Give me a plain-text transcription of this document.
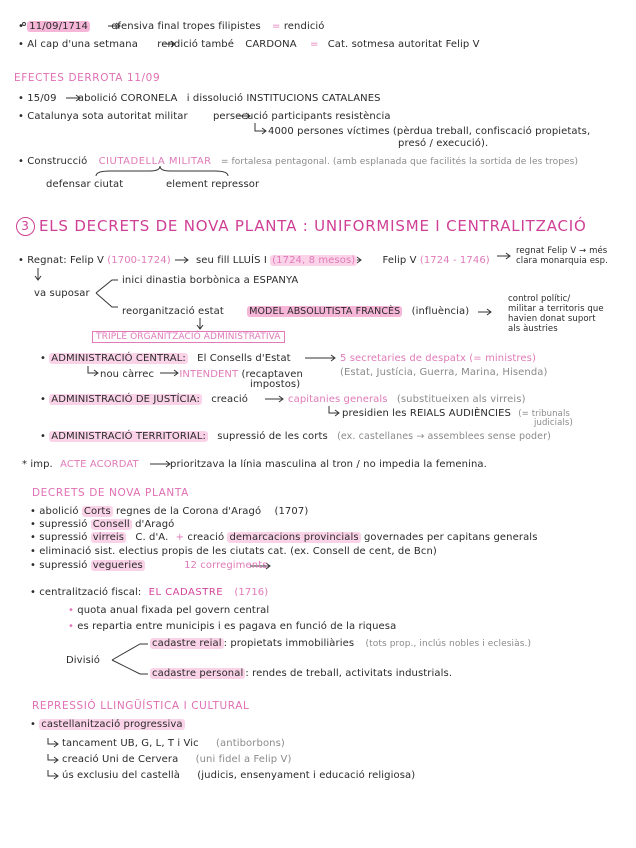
• 11/09/1714 ofensiva final tropes filipistes = rendició
• Al cap d'una setmana rendició també CARDONA = Cat. sotmesa autoritat Felip V
EFECTES DERROTA 11/09
• 15/09 abolició CORONELA i dissolució INSTITUCIONS CATALANES
• Catalunya sota autoritat militar	persecució participants resistència
4000 persones víctimes (pèrdua treball, confiscació propietats,
presó / execució).
• Construcció CIUTADELLA MILITAR = fortalesa pentagonal. (amb esplanada que facilités la sortida de les tropes)
defensar ciutat	element repressor
3 ELS DECRETS DE NOVA PLANTA : UNIFORMISME I CENTRALITZACIÓ
• Regnat: Felip V (1700-1724)	seu fill LLUÍS I (1724, 8 mesos)	Felip V (1724 - 1746)
regnat Felip V → més
clara monarquia esp.
va suposar
inici dinastia borbònica a ESPANYA
reorganització estat	MODEL ABSOLUTISTA FRANCÈS (influència)
control polític/
militar a territoris que
havien donat suport
als àustries
TRIPLE ORGANITZACIÓ ADMINISTRATIVA
• ADMINISTRACIÓ CENTRAL: El Consells d'Estat	5 secretaries de despatx (= ministres)
(Estat, Justícia, Guerra, Marina, Hisenda)
nou càrrec	INTENDENT (recaptaven
impostos)
• ADMINISTRACIÓ DE JUSTÍCIA: creació	capitanies generals (substitueixen als virreis)
presidien les REIALS AUDIÈNCIES (= tribunals
judicials)
• ADMINISTRACIÓ TERRITORIAL: supressió de les corts (ex. castellanes → assemblees sense poder)
* imp. ACTE ACORDAT	prioritzava la línia masculina al tron / no impedia la femenina.
DECRETS DE NOVA PLANTA
• abolició Corts regnes de la Corona d'Aragó (1707)
• supressió Consell d'Aragó
• supressió virreis C. d'A. + creació demarcacions provincials governades per capitans generals
• eliminació sist. electius propis de les ciutats cat. (ex. Consell de cent, de Bcn)
• supressió vegueries	12 corregiments
• centralització fiscal: EL CADASTRE (1716)
• quota anual fixada pel govern central
• es repartia entre municipis i es pagava en funció de la riquesa
Divisió
cadastre reial : propietats immobiliàries (tots prop., inclús nobles i eclesiàs.)
cadastre personal : rendes de treball, activitats industrials.
REPRESSIÓ LLINGÜÍSTICA I CULTURAL
• castellanització progressiva
tancament UB, G, L, T i Vic (antiborbons)
creació Uni de Cervera (uni fidel a Felip V)
ús exclusiu del castellà (judicis, ensenyament i educació religiosa)
